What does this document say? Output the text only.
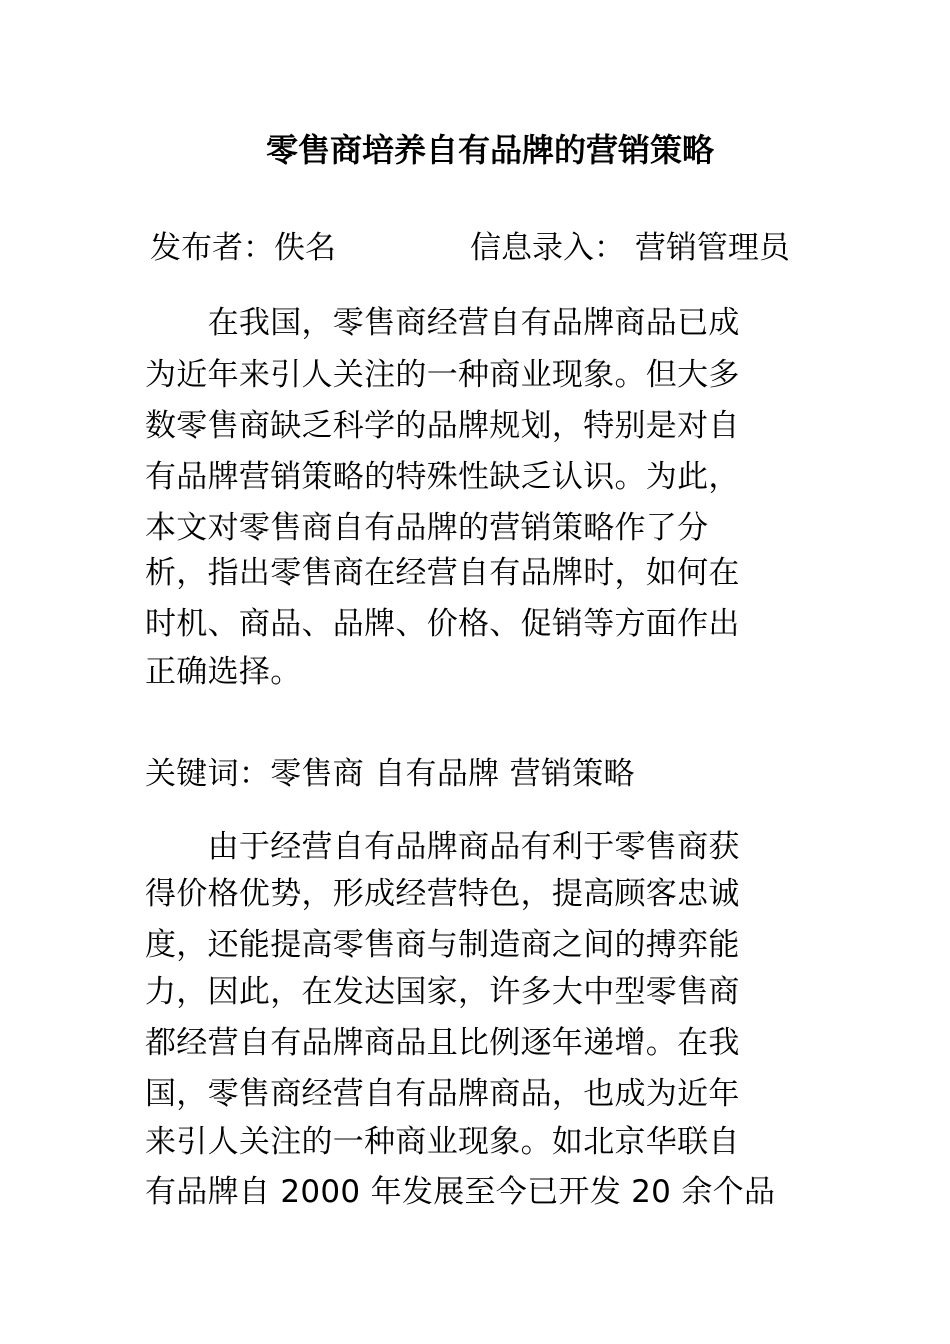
零售商培养自有品牌的营销策略
发布者：佚名	信息录入： 营销管理员
　　在我国，零售商经营自有品牌商品已成
为近年来引人关注的一种商业现象。但大多
数零售商缺乏科学的品牌规划，特别是对自
有品牌营销策略的特殊性缺乏认识。为此，
本文对零售商自有品牌的营销策略作了分
析，指出零售商在经营自有品牌时，如何在
时机、商品、品牌、价格、促销等方面作出
正确选择。
关键词：零售商 自有品牌 营销策略
　　由于经营自有品牌商品有利于零售商获
得价格优势，形成经营特色，提高顾客忠诚
度，还能提高零售商与制造商之间的搏弈能
力，因此，在发达国家，许多大中型零售商
都经营自有品牌商品且比例逐年递增。在我
国，零售商经营自有品牌商品，也成为近年
来引人关注的一种商业现象。如北京华联自
有品牌自 2000 年发展至今已开发 20 余个品
